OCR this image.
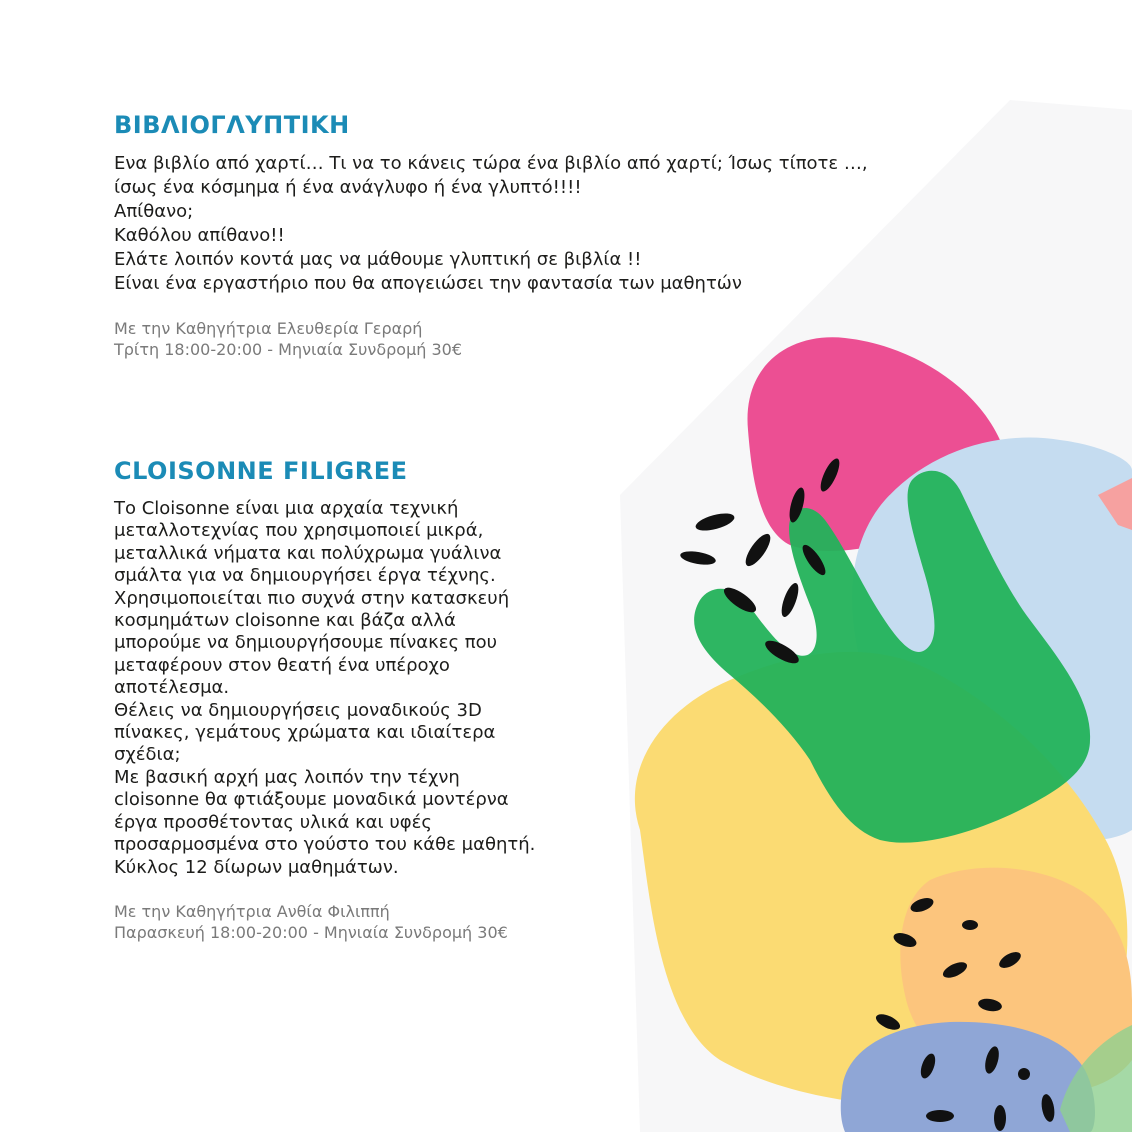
ΒΙΒΛΙΟΓΛΥΠΤΙΚΗ

Ενα βιβλίο από χαρτί… Τι να το κάνεις τώρα ένα βιβλίο από χαρτί; Ίσως τίποτε …,

ίσως ένα κόσμημα ή ένα ανάγλυφο ή ένα γλυπτό!!!!

Απίθανο;

Καθόλου απίθανο!!

Ελάτε λοιπόν κοντά μας να μάθουμε γλυπτική σε βιβλία !!

Είναι ένα εργαστήριο που θα απογειώσει την φαντασία των μαθητών

Με την Καθηγήτρια Ελευθερία Γεραρή

Τρίτη 18:00-20:00 - Μηνιαία Συνδρομή 30€

CLOISONNE FILIGREE

Το Cloisonne είναι μια αρχαία τεχνική

μεταλλοτεχνίας που χρησιμοποιεί μικρά,

μεταλλικά νήματα και πολύχρωμα γυάλινα

σμάλτα για να δημιουργήσει έργα τέχνης.

Χρησιμοποιείται πιο συχνά στην κατασκευή

κοσμημάτων cloisonne και βάζα αλλά

μπορούμε να δημιουργήσουμε πίνακες που

μεταφέρουν στον θεατή ένα υπέροχο

αποτέλεσμα.

Θέλεις να δημιουργήσεις μοναδικούς 3D

πίνακες, γεμάτους χρώματα και ιδιαίτερα

σχέδια;

Με βασική αρχή μας λοιπόν την τέχνη

cloisonne θα φτιάξουμε μοναδικά μοντέρνα

έργα προσθέτοντας υλικά και υφές

προσαρμοσμένα στο γούστο του κάθε μαθητή.

Κύκλος 12 δίωρων μαθημάτων.

Με την Καθηγήτρια Ανθία Φιλιππή

Παρασκευή 18:00-20:00 - Μηνιαία Συνδρομή 30€
